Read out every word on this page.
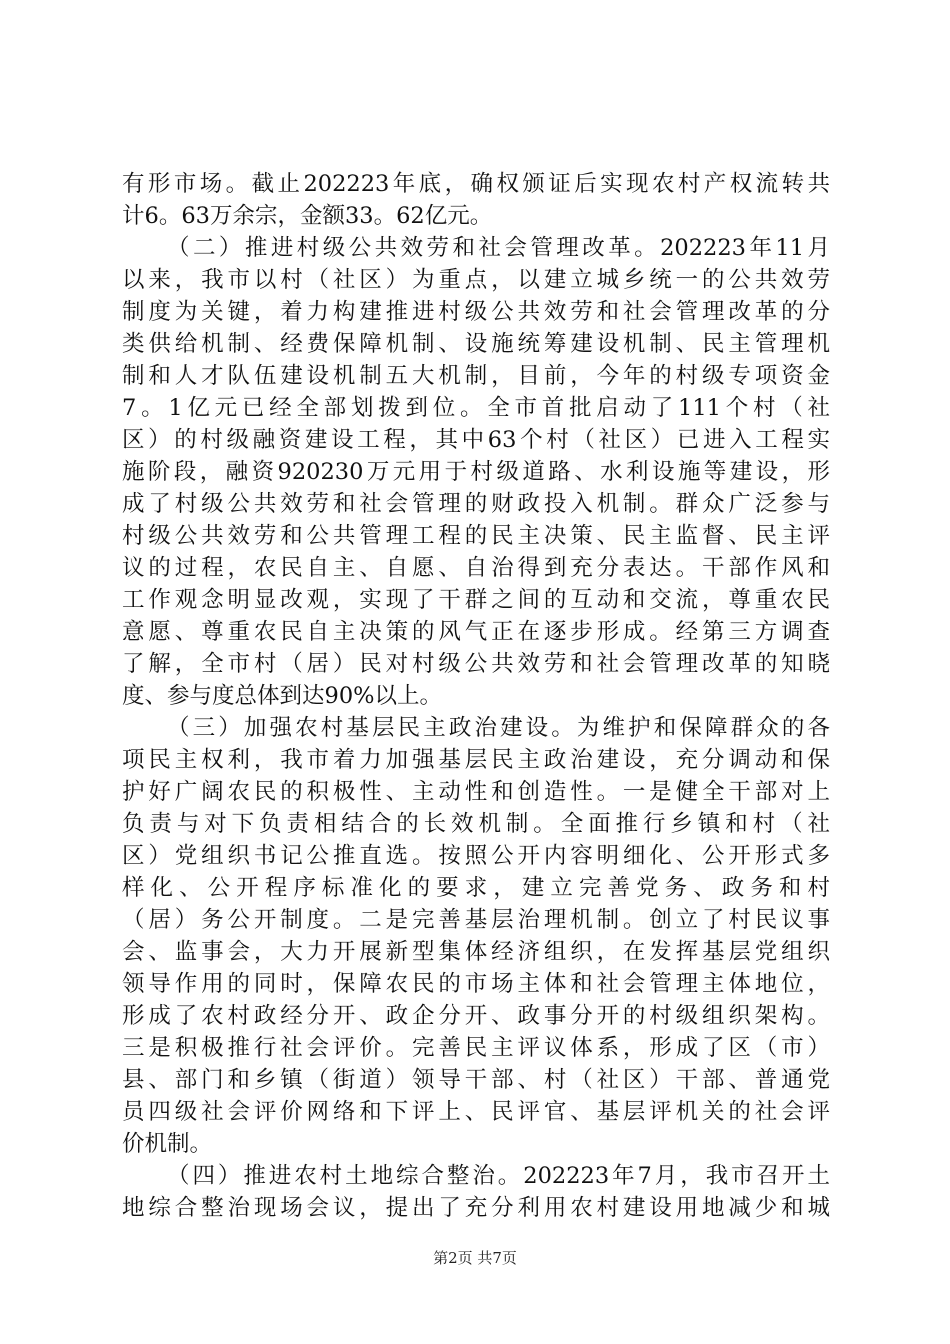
有形市场。截止202223年底，确权颁证后实现农村产权流转共
计6。63万余宗，金额33。62亿元。
（二）推进村级公共效劳和社会管理改革。202223年11月
以来，我市以村（社区）为重点，以建立城乡统一的公共效劳
制度为关键，着力构建推进村级公共效劳和社会管理改革的分
类供给机制、经费保障机制、设施统筹建设机制、民主管理机
制和人才队伍建设机制五大机制，目前，今年的村级专项资金
7。1亿元已经全部划拨到位。全市首批启动了111个村（社
区）的村级融资建设工程，其中63个村（社区）已进入工程实
施阶段，融资920230万元用于村级道路、水利设施等建设，形
成了村级公共效劳和社会管理的财政投入机制。群众广泛参与
村级公共效劳和公共管理工程的民主决策、民主监督、民主评
议的过程，农民自主、自愿、自治得到充分表达。干部作风和
工作观念明显改观，实现了干群之间的互动和交流，尊重农民
意愿、尊重农民自主决策的风气正在逐步形成。经第三方调查
了解，全市村（居）民对村级公共效劳和社会管理改革的知晓
度、参与度总体到达90%以上。
（三）加强农村基层民主政治建设。为维护和保障群众的各
项民主权利，我市着力加强基层民主政治建设，充分调动和保
护好广阔农民的积极性、主动性和创造性。一是健全干部对上
负责与对下负责相结合的长效机制。全面推行乡镇和村（社
区）党组织书记公推直选。按照公开内容明细化、公开形式多
样化、公开程序标准化的要求，建立完善党务、政务和村
（居）务公开制度。二是完善基层治理机制。创立了村民议事
会、监事会，大力开展新型集体经济组织，在发挥基层党组织
领导作用的同时，保障农民的市场主体和社会管理主体地位，
形成了农村政经分开、政企分开、政事分开的村级组织架构。
三是积极推行社会评价。完善民主评议体系，形成了区（市）
县、部门和乡镇（街道）领导干部、村（社区）干部、普通党
员四级社会评价网络和下评上、民评官、基层评机关的社会评
价机制。
（四）推进农村土地综合整治。202223年7月，我市召开土
地综合整治现场会议，提出了充分利用农村建设用地减少和城
第2页 共7页
